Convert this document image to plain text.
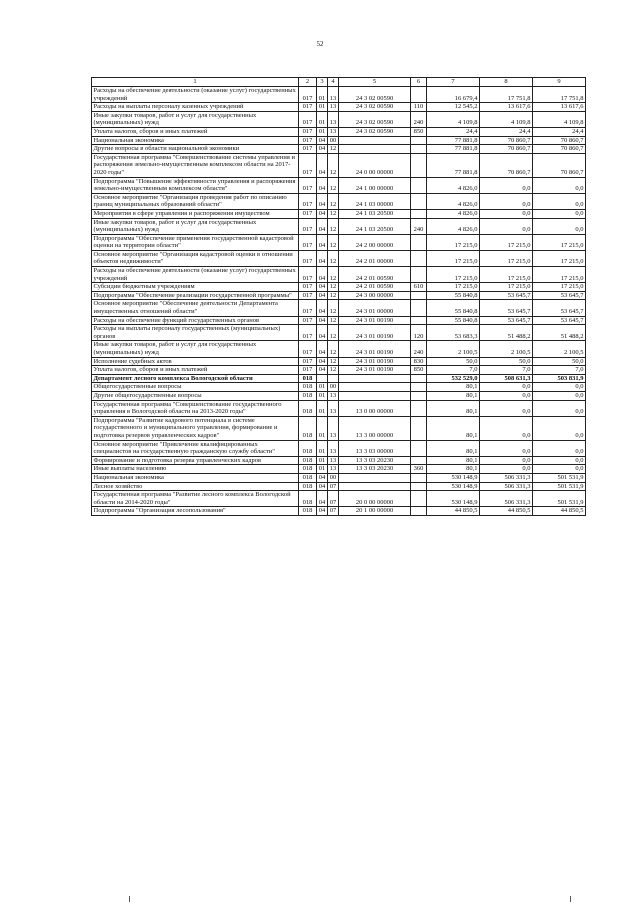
52
1	2	3	4	5	6	7	8	9
Расходы на обеспечение деятельности (оказание услуг) государственных учреждений	017	01	13	24 3 02 00590		16 679,4	17 751,8	17 751,8
Расходы на выплаты персоналу казенных учреждений	017	01	13	24 3 02 00590	110	12 545,2	13 617,6	13 617,6
Иные закупки товаров, работ и услуг для государственных (муниципальных) нужд	017	01	13	24 3 02 00590	240	4 109,8	4 109,8	4 109,8
Уплата налогов, сборов и иных платежей	017	01	13	24 3 02 00590	850	24,4	24,4	24,4
Национальная экономика	017	04	00			77 881,8	70 860,7	70 860,7
Другие вопросы в области национальной экономики	017	04	12			77 881,8	70 860,7	70 860,7
Государственная программа "Совершенствование системы управления и распоряжения земельно-имущественным комплексом области на 2017-2020 годы"	017	04	12	24 0 00 00000		77 881,8	70 860,7	70 860,7
Подпрограмма "Повышение эффективности управления и распоряжения земельно-имущественным комплексом области"	017	04	12	24 1 00 00000		4 826,0	0,0	0,0
Основное мероприятие "Организация проведения работ по описанию границ муниципальных образований области"	017	04	12	24 1 03 00000		4 826,0	0,0	0,0
Мероприятия в сфере управления и распоряжения имуществом	017	04	12	24 1 03 20500		4 826,0	0,0	0,0
Иные закупки товаров, работ и услуг для государственных (муниципальных) нужд	017	04	12	24 1 03 20500	240	4 826,0	0,0	0,0
Подпрограмма "Обеспечение применения государственной кадастровой оценки на территории области"	017	04	12	24 2 00 00000		17 215,0	17 215,0	17 215,0
Основное мероприятие "Организация кадастровой оценки в отношении объектов недвижимости"	017	04	12	24 2 01 00000		17 215,0	17 215,0	17 215,0
Расходы на обеспечение деятельности (оказание услуг) государственных учреждений	017	04	12	24 2 01 00590		17 215,0	17 215,0	17 215,0
Субсидии бюджетным учреждениям	017	04	12	24 2 01 00590	610	17 215,0	17 215,0	17 215,0
Подпрограмма "Обеспечение реализации государственной программы"	017	04	12	24 3 00 00000		55 840,8	53 645,7	53 645,7
Основное мероприятие "Обеспечение деятельности Департамента имущественных отношений области"	017	04	12	24 3 01 00000		55 840,8	53 645,7	53 645,7
Расходы на обеспечение функций государственных органов	017	04	12	24 3 01 00190		55 840,8	53 645,7	53 645,7
Расходы на выплаты персоналу государственных (муниципальных) органов	017	04	12	24 3 01 00190	120	53 683,3	51 488,2	51 488,2
Иные закупки товаров, работ и услуг для государственных (муниципальных) нужд	017	04	12	24 3 01 00190	240	2 100,5	2 100,5	2 100,5
Исполнение судебных актов	017	04	12	24 3 01 00190	830	50,0	50,0	50,0
Уплата налогов, сборов и иных платежей	017	04	12	24 3 01 00190	850	7,0	7,0	7,0
Департамент лесного комплекса Вологодской области	018					532 529,0	508 631,3	503 831,9
Общегосударственные вопросы	018	01	00			80,1	0,0	0,0
Другие общегосударственные вопросы	018	01	13			80,1	0,0	0,0
Государственная программа "Совершенствование государственного управления в Вологодской области на 2013-2020 годы"	018	01	13	13 0 00 00000		80,1	0,0	0,0
Подпрограмма "Развитие кадрового потенциала в системе государственного и муниципального управления, формирование и подготовка резервов управленческих кадров"	018	01	13	13 3 00 00000		80,1	0,0	0,0
Основное мероприятие "Привлечение квалифицированных специалистов на государственную гражданскую службу области"	018	01	13	13 3 03 00000		80,1	0,0	0,0
Формирование и подготовка резерва управленческих кадров	018	01	13	13 3 03 20230		80,1	0,0	0,0
Иные выплаты населению	018	01	13	13 3 03 20230	360	80,1	0,0	0,0
Национальная экономика	018	04	00			530 148,9	506 331,3	501 531,9
Лесное хозяйство	018	04	07			530 148,9	506 331,3	501 531,9
Государственная программа "Развитие лесного комплекса Вологодской области на 2014-2020 годы"	018	04	07	20 0 00 00000		530 148,9	506 331,3	501 531,9
Подпрограмма "Организация лесопользования"	018	04	07	20 1 00 00000		44 850,5	44 850,5	44 850,5
